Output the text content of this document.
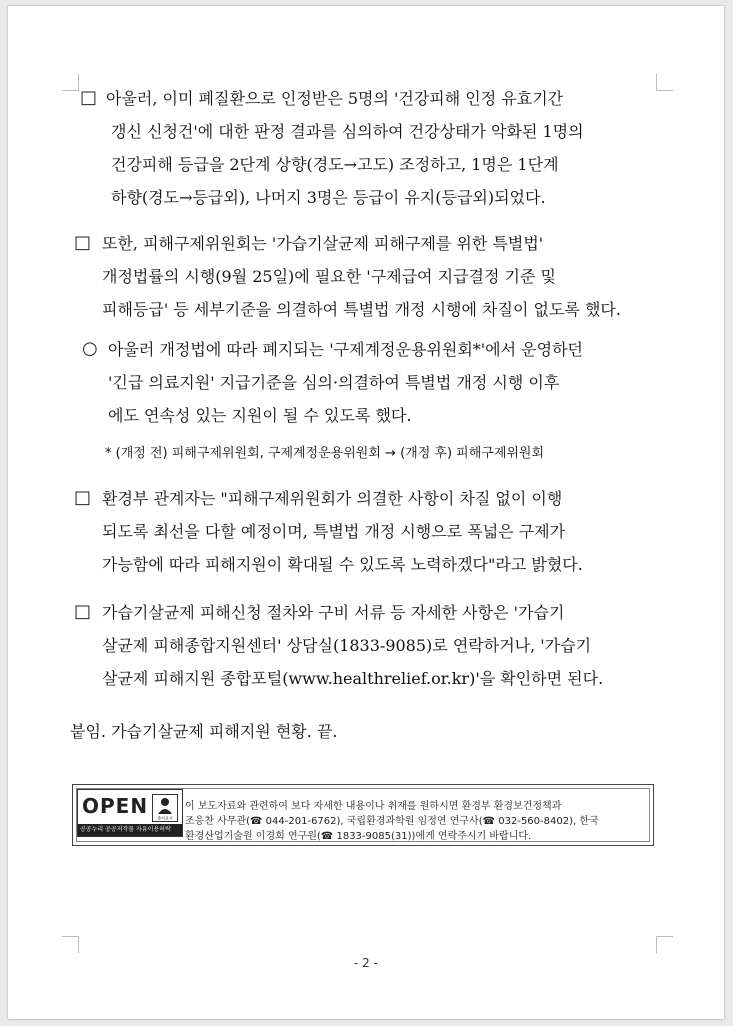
□ 아울러, 이미 폐질환으로 인정받은 5명의 '건강피해 인정 유효기간
갱신 신청건'에 대한 판정 결과를 심의하여 건강상태가 악화된 1명의
건강피해 등급을 2단계 상향(경도→고도) 조정하고, 1명은 1단계
하향(경도→등급외), 나머지 3명은 등급이 유지(등급외)되었다.
□ 또한, 피해구제위원회는 '가습기살균제 피해구제를 위한 특별법'
개정법률의 시행(9월 25일)에 필요한 '구제급여 지급결정 기준 및
피해등급' 등 세부기준을 의결하여 특별법 개정 시행에 차질이 없도록 했다.
○ 아울러 개정법에 따라 폐지되는 '구제계정운용위원회*'에서 운영하던
'긴급 의료지원' 지급기준을 심의·의결하여 특별법 개정 시행 이후
에도 연속성 있는 지원이 될 수 있도록 했다.
* (개정 전) 피해구제위원회, 구제계정운용위원회 → (개정 후) 피해구제위원회
□ 환경부 관계자는 "피해구제위원회가 의결한 사항이 차질 없이 이행
되도록 최선을 다할 예정이며, 특별법 개정 시행으로 폭넓은 구제가
가능함에 따라 피해지원이 확대될 수 있도록 노력하겠다"라고 밝혔다.
□ 가습기살균제 피해신청 절차와 구비 서류 등 자세한 사항은 '가습기
살균제 피해종합지원센터' 상담실(1833-9085)로 연락하거나, '가습기
살균제 피해지원 종합포털(www.healthrelief.or.kr)'을 확인하면 된다.
붙임. 가습기살균제 피해지원 현황. 끝.
OPEN 출처표시
공공누리 공공저작물 자유이용허락
이 보도자료와 관련하여 보다 자세한 내용이나 취재를 원하시면 환경부 환경보건정책과
조응찬 사무관(☎ 044-201-6762), 국립환경과학원 임정연 연구사(☎ 032-560-8402), 한국
환경산업기술원 이경희 연구원(☎ 1833-9085(31))에게 연락주시기 바랍니다.
- 2 -
